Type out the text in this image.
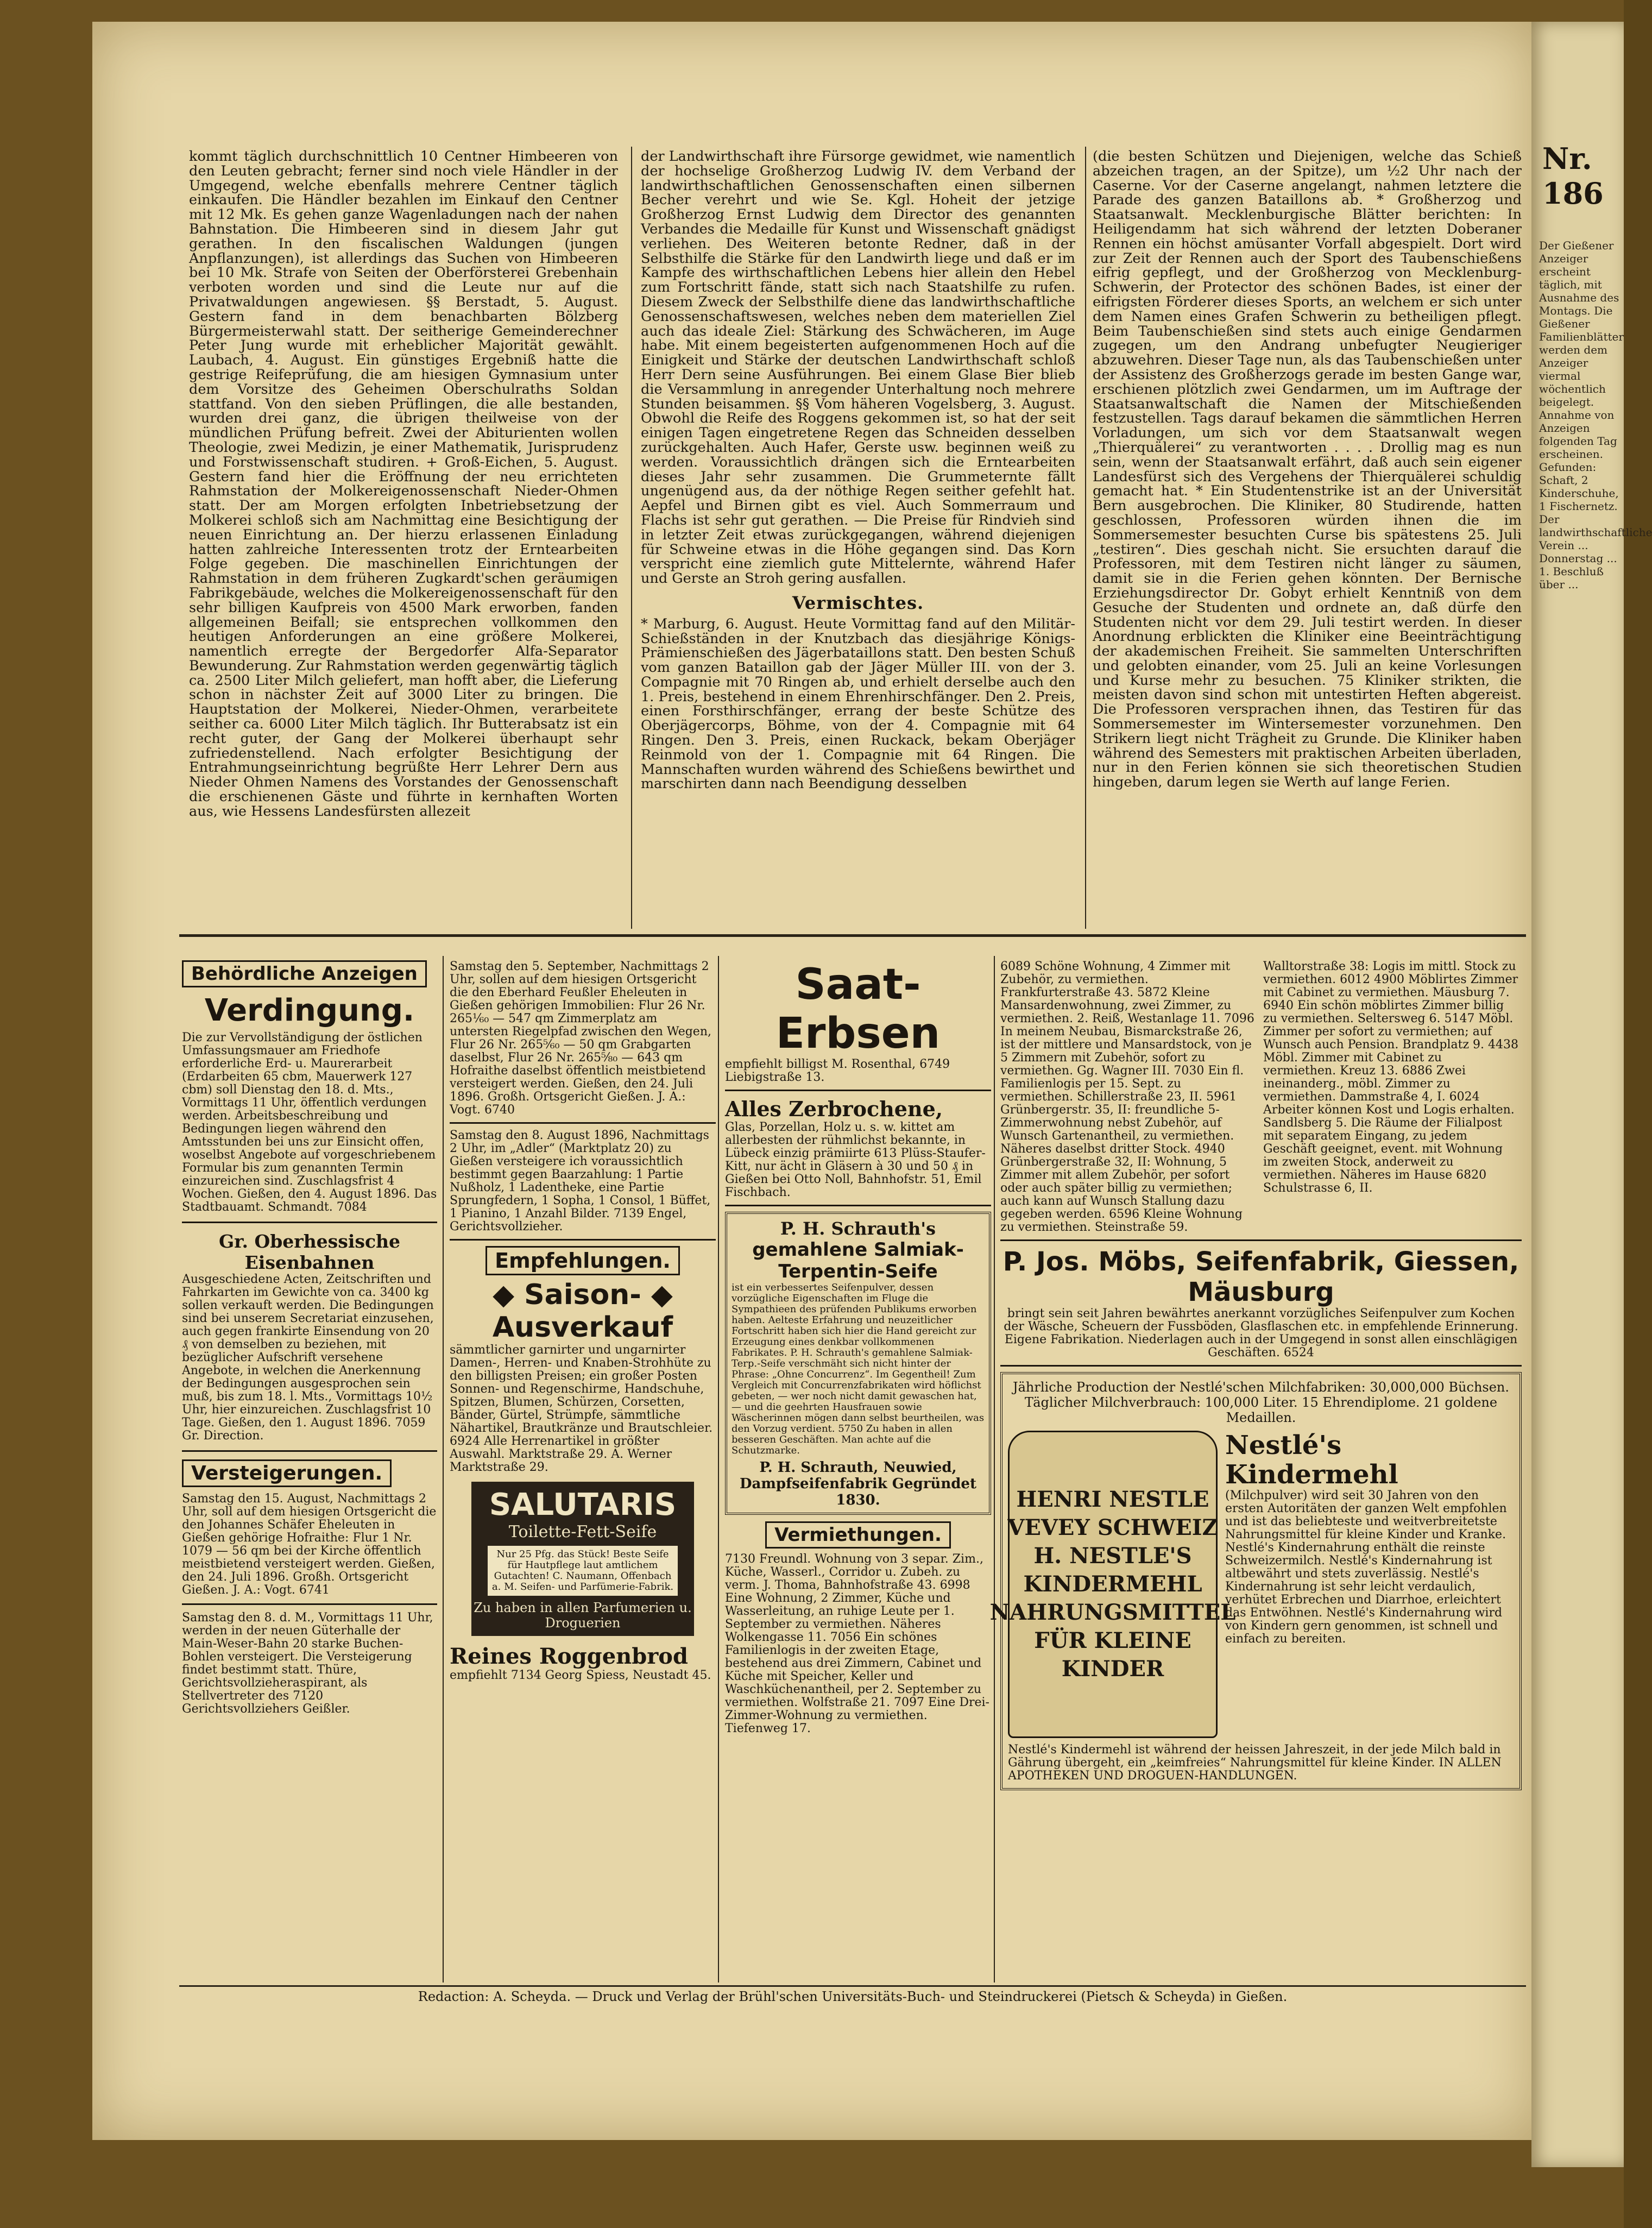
Nr. 186
Der Gießener Anzeiger erscheint täglich, mit Ausnahme des Montags. Die Gießener Familienblätter werden dem Anzeiger viermal wöchentlich beigelegt. Annahme von Anzeigen folgenden Tag erscheinen. Gefunden: Schaft, 2 Kinderschuhe, 1 Fischernetz. Der landwirthschaftliche Verein ... Donnerstag ... 1. Beschluß über ...

kommt täglich durchschnittlich 10 Centner Himbeeren von den Leuten gebracht; ferner sind noch viele Händler in der Umgegend, welche ebenfalls mehrere Centner täglich einkaufen. Die Händler bezahlen im Einkauf den Centner mit 12 Mk. Es gehen ganze Wagenladungen nach der nahen Bahnstation. Die Himbeeren sind in diesem Jahr gut gerathen. In den fiscalischen Waldungen (jungen Anpflanzungen), ist allerdings das Suchen von Himbeeren bei 10 Mk. Strafe von Seiten der Oberförsterei Grebenhain verboten worden und sind die Leute nur auf die Privatwaldungen angewiesen. §§ Berstadt, 5. August. Gestern fand in dem benachbarten Bölzberg Bürgermeisterwahl statt. Der seitherige Gemeinderechner Peter Jung wurde mit erheblicher Majorität gewählt. Laubach, 4. August. Ein günstiges Ergebniß hatte die gestrige Reifeprüfung, die am hiesigen Gymnasium unter dem Vorsitze des Geheimen Oberschulraths Soldan stattfand. Von den sieben Prüflingen, die alle bestanden, wurden drei ganz, die übrigen theilweise von der mündlichen Prüfung befreit. Zwei der Abiturienten wollen Theologie, zwei Medizin, je einer Mathematik, Jurisprudenz und Forstwissenschaft studiren. + Groß-Eichen, 5. August. Gestern fand hier die Eröffnung der neu errichteten Rahmstation der Molkereigenossenschaft Nieder-Ohmen statt. Der am Morgen erfolgten Inbetriebsetzung der Molkerei schloß sich am Nachmittag eine Besichtigung der neuen Einrichtung an. Der hierzu erlassenen Einladung hatten zahlreiche Interessenten trotz der Erntearbeiten Folge gegeben. Die maschinellen Einrichtungen der Rahmstation in dem früheren Zugkardt'schen geräumigen Fabrikgebäude, welches die Molkereigenossenschaft für den sehr billigen Kaufpreis von 4500 Mark erworben, fanden allgemeinen Beifall; sie entsprechen vollkommen den heutigen Anforderungen an eine größere Molkerei, namentlich erregte der Bergedorfer Alfa-Separator Bewunderung. Zur Rahmstation werden gegenwärtig täglich ca. 2500 Liter Milch geliefert, man hofft aber, die Lieferung schon in nächster Zeit auf 3000 Liter zu bringen. Die Hauptstation der Molkerei, Nieder-Ohmen, verarbeitete seither ca. 6000 Liter Milch täglich. Ihr Butterabsatz ist ein recht guter, der Gang der Molkerei überhaupt sehr zufriedenstellend. Nach erfolgter Besichtigung der Entrahmungseinrichtung begrüßte Herr Lehrer Dern aus Nieder Ohmen Namens des Vorstandes der Genossenschaft die erschienenen Gäste und führte in kernhaften Worten aus, wie Hessens Landesfürsten allezeit

der Landwirthschaft ihre Fürsorge gewidmet, wie namentlich der hochselige Großherzog Ludwig IV. dem Verband der landwirthschaftlichen Genossenschaften einen silbernen Becher verehrt und wie Se. Kgl. Hoheit der jetzige Großherzog Ernst Ludwig dem Director des genannten Verbandes die Medaille für Kunst und Wissenschaft gnädigst verliehen. Des Weiteren betonte Redner, daß in der Selbsthilfe die Stärke für den Landwirth liege und daß er im Kampfe des wirthschaftlichen Lebens hier allein den Hebel zum Fortschritt fände, statt sich nach Staatshilfe zu rufen. Diesem Zweck der Selbsthilfe diene das landwirthschaftliche Genossenschaftswesen, welches neben dem materiellen Ziel auch das ideale Ziel: Stärkung des Schwächeren, im Auge habe. Mit einem begeisterten aufgenommenen Hoch auf die Einigkeit und Stärke der deutschen Landwirthschaft schloß Herr Dern seine Ausführungen. Bei einem Glase Bier blieb die Versammlung in anregender Unterhaltung noch mehrere Stunden beisammen. §§ Vom häheren Vogelsberg, 3. August. Obwohl die Reife des Roggens gekommen ist, so hat der seit einigen Tagen eingetretene Regen das Schneiden desselben zurückgehalten. Auch Hafer, Gerste usw. beginnen weiß zu werden. Voraussichtlich drängen sich die Erntearbeiten dieses Jahr sehr zusammen. Die Grummeternte fällt ungenügend aus, da der nöthige Regen seither gefehlt hat. Aepfel und Birnen gibt es viel. Auch Sommerraum und Flachs ist sehr gut gerathen. — Die Preise für Rindvieh sind in letzter Zeit etwas zurückgegangen, während diejenigen für Schweine etwas in die Höhe gegangen sind. Das Korn verspricht eine ziemlich gute Mittelernte, während Hafer und Gerste an Stroh gering ausfallen.

Vermischtes.

* Marburg, 6. August. Heute Vormittag fand auf den Militär-Schießständen in der Knutzbach das diesjährige Königs-Prämienschießen des Jägerbataillons statt. Den besten Schuß vom ganzen Bataillon gab der Jäger Müller III. von der 3. Compagnie mit 70 Ringen ab, und erhielt derselbe auch den 1. Preis, bestehend in einem Ehrenhirschfänger. Den 2. Preis, einen Forsthirschfänger, errang der beste Schütze des Oberjägercorps, Böhme, von der 4. Compagnie mit 64 Ringen. Den 3. Preis, einen Ruckack, bekam Oberjäger Reinmold von der 1. Compagnie mit 64 Ringen. Die Mannschaften wurden während des Schießens bewirthet und marschirten dann nach Beendigung desselben

(die besten Schützen und Diejenigen, welche das Schieß abzeichen tragen, an der Spitze), um ½2 Uhr nach der Caserne. Vor der Caserne angelangt, nahmen letztere die Parade des ganzen Bataillons ab. * Großherzog und Staatsanwalt. Mecklenburgische Blätter berichten: In Heiligendamm hat sich während der letzten Doberaner Rennen ein höchst amüsanter Vorfall abgespielt. Dort wird zur Zeit der Rennen auch der Sport des Taubenschießens eifrig gepflegt, und der Großherzog von Mecklenburg-Schwerin, der Protector des schönen Bades, ist einer der eifrigsten Förderer dieses Sports, an welchem er sich unter dem Namen eines Grafen Schwerin zu betheiligen pflegt. Beim Taubenschießen sind stets auch einige Gendarmen zugegen, um den Andrang unbefugter Neugieriger abzuwehren. Dieser Tage nun, als das Taubenschießen unter der Assistenz des Großherzogs gerade im besten Gange war, erschienen plötzlich zwei Gendarmen, um im Auftrage der Staatsanwaltschaft die Namen der Mitschießenden festzustellen. Tags darauf bekamen die sämmtlichen Herren Vorladungen, um sich vor dem Staatsanwalt wegen „Thierquälerei“ zu verantworten . . . . Drollig mag es nun sein, wenn der Staatsanwalt erfährt, daß auch sein eigener Landesfürst sich des Vergehens der Thierquälerei schuldig gemacht hat. * Ein Studentenstrike ist an der Universität Bern ausgebrochen. Die Kliniker, 80 Studirende, hatten geschlossen, Professoren würden ihnen die im Sommersemester besuchten Curse bis spätestens 25. Juli „testiren“. Dies geschah nicht. Sie ersuchten darauf die Professoren, mit dem Testiren nicht länger zu säumen, damit sie in die Ferien gehen könnten. Der Bernische Erziehungsdirector Dr. Gobyt erhielt Kenntniß von dem Gesuche der Studenten und ordnete an, daß dürfe den Studenten nicht vor dem 29. Juli testirt werden. In dieser Anordnung erblickten die Kliniker eine Beeinträchtigung der akademischen Freiheit. Sie sammelten Unterschriften und gelobten einander, vom 25. Juli an keine Vorlesungen und Kurse mehr zu besuchen. 75 Kliniker strikten, die meisten davon sind schon mit untestirten Heften abgereist. Die Professoren versprachen ihnen, das Testiren für das Sommersemester im Wintersemester vorzunehmen. Den Strikern liegt nicht Trägheit zu Grunde. Die Kliniker haben während des Semesters mit praktischen Arbeiten überladen, nur in den Ferien können sie sich theoretischen Studien hingeben, darum legen sie Werth auf lange Ferien.

Behördliche Anzeigen
Verdingung.
Die zur Vervollständigung der östlichen Umfassungsmauer am Friedhofe erforderliche Erd- u. Maurerarbeit (Erdarbeiten 65 cbm, Mauerwerk 127 cbm) soll Dienstag den 18. d. Mts., Vormittags 11 Uhr, öffentlich verdungen werden. Arbeitsbeschreibung und Bedingungen liegen während den Amtsstunden bei uns zur Einsicht offen, woselbst Angebote auf vorgeschriebenem Formular bis zum genannten Termin einzureichen sind. Zuschlagsfrist 4 Wochen. Gießen, den 4. August 1896. Das Stadtbauamt. Schmandt. 7084
Gr. Oberhessische Eisenbahnen
Ausgeschiedene Acten, Zeitschriften und Fahrkarten im Gewichte von ca. 3400 kg sollen verkauft werden. Die Bedingungen sind bei unserem Secretariat einzusehen, auch gegen frankirte Einsendung von 20 ₰ von demselben zu beziehen, mit bezüglicher Aufschrift versehene Angebote, in welchen die Anerkennung der Bedingungen ausgesprochen sein muß, bis zum 18. l. Mts., Vormittags 10½ Uhr, hier einzureichen. Zuschlagsfrist 10 Tage. Gießen, den 1. August 1896. 7059 Gr. Direction.
Versteigerungen.
Samstag den 15. August, Nachmittags 2 Uhr, soll auf dem hiesigen Ortsgericht die den Johannes Schäfer Eheleuten in Gießen gehörige Hofraithe: Flur 1 Nr. 1079 — 56 qm bei der Kirche öffentlich meistbietend versteigert werden. Gießen, den 24. Juli 1896. Großh. Ortsgericht Gießen. J. A.: Vogt. 6741
Samstag den 8. d. M., Vormittags 11 Uhr, werden in der neuen Güterhalle der Main-Weser-Bahn 20 starke Buchen-Bohlen versteigert. Die Versteigerung findet bestimmt statt. Thüre, Gerichtsvollzieheraspirant, als Stellvertreter des 7120 Gerichtsvollziehers Geißler.
Samstag den 5. September, Nachmittags 2 Uhr, sollen auf dem hiesigen Ortsgericht die den Eberhard Feußler Eheleuten in Gießen gehörigen Immobilien: Flur 26 Nr. 265⅙₀ — 547 qm Zimmerplatz am untersten Riegelpfad zwischen den Wegen, Flur 26 Nr. 265⅚₀ — 50 qm Grabgarten daselbst, Flur 26 Nr. 265⅝₀ — 643 qm Hofraithe daselbst öffentlich meistbietend versteigert werden. Gießen, den 24. Juli 1896. Großh. Ortsgericht Gießen. J. A.: Vogt. 6740
Samstag den 8. August 1896, Nachmittags 2 Uhr, im „Adler“ (Marktplatz 20) zu Gießen versteigere ich voraussichtlich bestimmt gegen Baarzahlung: 1 Partie Nußholz, 1 Ladentheke, eine Partie Sprungfedern, 1 Sopha, 1 Consol, 1 Büffet, 1 Pianino, 1 Anzahl Bilder. 7139 Engel, Gerichtsvollzieher.
Empfehlungen.
◆ Saison- ◆ Ausverkauf
sämmtlicher garnirter und ungarnirter Damen-, Herren- und Knaben-Strohhüte zu den billigsten Preisen; ein großer Posten Sonnen- und Regenschirme, Handschuhe, Spitzen, Blumen, Schürzen, Corsetten, Bänder, Gürtel, Strümpfe, sämmtliche Nähartikel, Brautkränze und Brautschleier. 6924 Alle Herrenartikel in größter Auswahl. Marktstraße 29. A. Werner Marktstraße 29.
SALUTARIS
Toilette-Fett-Seife
Nur 25 Pfg. das Stück! Beste Seife für Hautpflege laut amtlichem Gutachten! C. Naumann, Offenbach a. M. Seifen- und Parfümerie-Fabrik.
Zu haben in allen Parfumerien u. Droguerien
Reines Roggenbrod
empfiehlt 7134 Georg Spiess, Neustadt 45.
Saat-Erbsen
empfiehlt billigst M. Rosenthal, 6749 Liebigstraße 13.
Alles Zerbrochene,
Glas, Porzellan, Holz u. s. w. kittet am allerbesten der rühmlichst bekannte, in Lübeck einzig prämiirte 613 Plüss-Staufer-Kitt, nur ächt in Gläsern à 30 und 50 ₰ in Gießen bei Otto Noll, Bahnhofstr. 51, Emil Fischbach.
P. H. Schrauth's
gemahlene Salmiak-Terpentin-Seife
ist ein verbessertes Seifenpulver, dessen vorzügliche Eigenschaften im Fluge die Sympathieen des prüfenden Publikums erworben haben. Aelteste Erfahrung und neuzeitlicher Fortschritt haben sich hier die Hand gereicht zur Erzeugung eines denkbar vollkommenen Fabrikates. P. H. Schrauth's gemahlene Salmiak-Terp.-Seife verschmäht sich nicht hinter der Phrase: „Ohne Concurrenz“. Im Gegentheil! Zum Vergleich mit Concurrenzfabrikaten wird höflichst gebeten, — wer noch nicht damit gewaschen hat, — und die geehrten Hausfrauen sowie Wäscherinnen mögen dann selbst beurtheilen, was den Vorzug verdient. 5750 Zu haben in allen besseren Geschäften. Man achte auf die Schutzmarke.
P. H. Schrauth, Neuwied, Dampfseifenfabrik Gegründet 1830.
Vermiethungen.
7130 Freundl. Wohnung von 3 separ. Zim., Küche, Wasserl., Corridor u. Zubeh. zu verm. J. Thoma, Bahnhofstraße 43. 6998 Eine Wohnung, 2 Zimmer, Küche und Wasserleitung, an ruhige Leute per 1. September zu vermiethen. Näheres Wolkengasse 11. 7056 Ein schönes Familienlogis in der zweiten Etage, bestehend aus drei Zimmern, Cabinet und Küche mit Speicher, Keller und Waschküchenantheil, per 2. September zu vermiethen. Wolfstraße 21. 7097 Eine Drei-Zimmer-Wohnung zu vermiethen. Tiefenweg 17.
6089 Schöne Wohnung, 4 Zimmer mit Zubehör, zu vermiethen. Frankfurterstraße 43. 5872 Kleine Mansardenwohnung, zwei Zimmer, zu vermiethen. 2. Reiß, Westanlage 11. 7096 In meinem Neubau, Bismarckstraße 26, ist der mittlere und Mansardstock, von je 5 Zimmern mit Zubehör, sofort zu vermiethen. Gg. Wagner III. 7030 Ein fl. Familienlogis per 15. Sept. zu vermiethen. Schillerstraße 23, II. 5961 Grünbergerstr. 35, II: freundliche 5-Zimmerwohnung nebst Zubehör, auf Wunsch Gartenantheil, zu vermiethen. Näheres daselbst dritter Stock. 4940 Grünbergerstraße 32, II: Wohnung, 5 Zimmer mit allem Zubehör, per sofort oder auch später billig zu vermiethen; auch kann auf Wunsch Stallung dazu gegeben werden. 6596 Kleine Wohnung zu vermiethen. Steinstraße 59.
Walltorstraße 38: Logis im mittl. Stock zu vermiethen. 6012 4900 Möblirtes Zimmer mit Cabinet zu vermiethen. Mäusburg 7. 6940 Ein schön möblirtes Zimmer billig zu vermiethen. Seltersweg 6. 5147 Möbl. Zimmer per sofort zu vermiethen; auf Wunsch auch Pension. Brandplatz 9. 4438 Möbl. Zimmer mit Cabinet zu vermiethen. Kreuz 13. 6886 Zwei ineinanderg., möbl. Zimmer zu vermiethen. Dammstraße 4, I. 6024 Arbeiter können Kost und Logis erhalten. Sandlsberg 5. Die Räume der Filialpost mit separatem Eingang, zu jedem Geschäft geeignet, event. mit Wohnung im zweiten Stock, anderweit zu vermiethen. Näheres im Hause 6820 Schulstrasse 6, II.
P. Jos. Möbs, Seifenfabrik, Giessen, Mäusburg
bringt sein seit Jahren bewährtes anerkannt vorzügliches Seifenpulver zum Kochen der Wäsche, Scheuern der Fussböden, Glasflaschen etc. in empfehlende Erinnerung. Eigene Fabrikation. Niederlagen auch in der Umgegend in sonst allen einschlägigen Geschäften. 6524
Jährliche Production der Nestlé'schen Milchfabriken: 30,000,000 Büchsen. Täglicher Milchverbrauch: 100,000 Liter. 15 Ehrendiplome. 21 goldene Medaillen.
HENRI NESTLE VEVEY SCHWEIZ H. NESTLE'S KINDERMEHL NAHRUNGSMITTEL FÜR KLEINE KINDER
Nestlé's Kindermehl
(Milchpulver) wird seit 30 Jahren von den ersten Autoritäten der ganzen Welt empfohlen und ist das beliebteste und weitverbreitetste Nahrungsmittel für kleine Kinder und Kranke. Nestlé's Kindernahrung enthält die reinste Schweizermilch. Nestlé's Kindernahrung ist altbewährt und stets zuverlässig. Nestlé's Kindernahrung ist sehr leicht verdaulich, verhütet Erbrechen und Diarrhoe, erleichtert das Entwöhnen. Nestlé's Kindernahrung wird von Kindern gern genommen, ist schnell und einfach zu bereiten.
Nestlé's Kindermehl ist während der heissen Jahreszeit, in der jede Milch bald in Gährung übergeht, ein „keimfreies“ Nahrungsmittel für kleine Kinder. IN ALLEN APOTHEKEN UND DROGUEN-HANDLUNGEN.
Redaction: A. Scheyda. — Druck und Verlag der Brühl'schen Universitäts-Buch- und Steindruckerei (Pietsch & Scheyda) in Gießen.
